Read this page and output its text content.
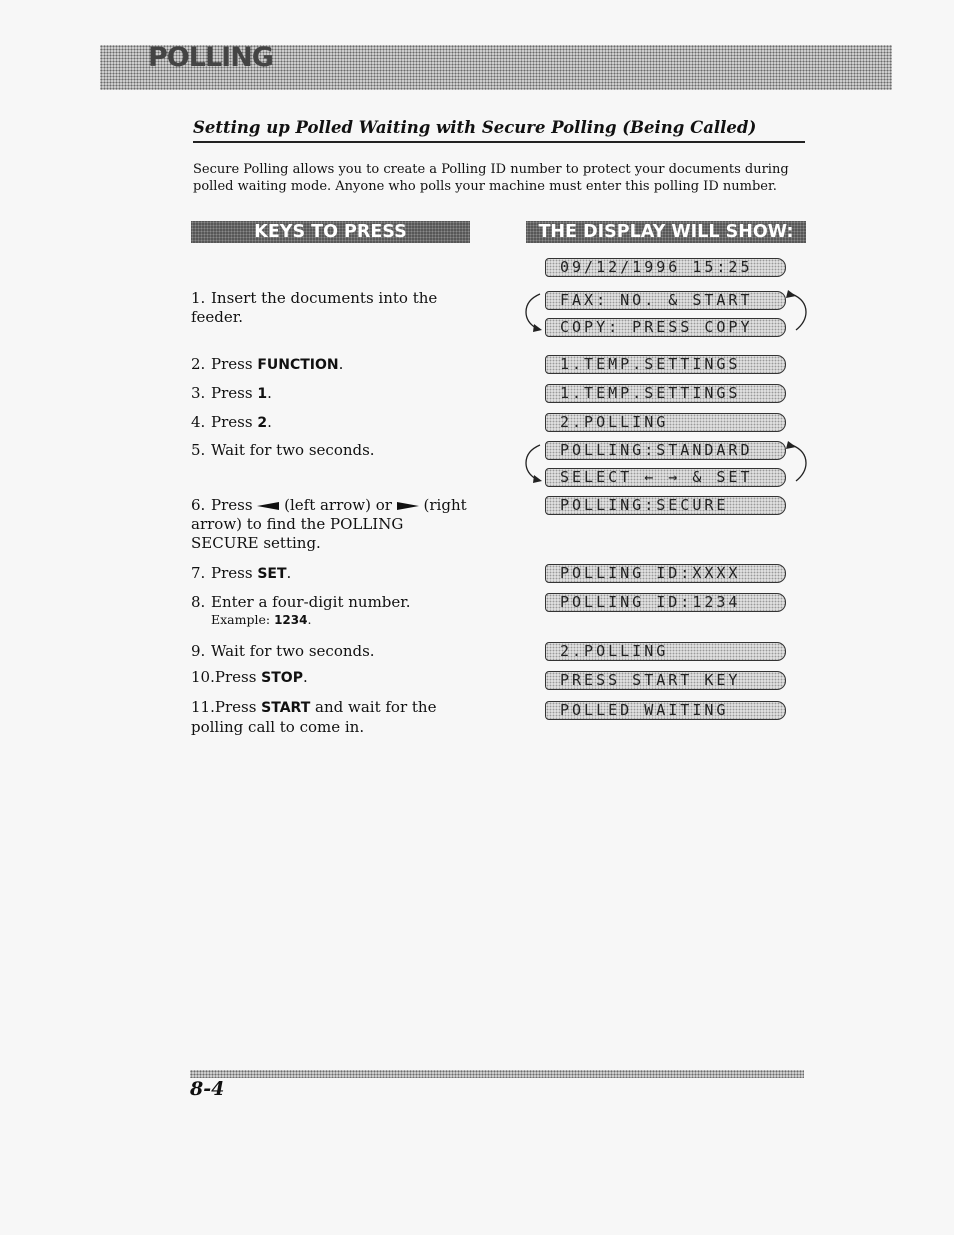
POLLING
Setting up Polled Waiting with Secure Polling (Being Called)
Secure Polling allows you to create a Polling ID number to protect your documents during polled waiting mode. Anyone who polls your machine must enter this polling ID number.
KEYS TO PRESS	THE DISPLAY WILL SHOW:
1. Insert the documents into the feeder.
2. Press FUNCTION.
3. Press 1.
4. Press 2.
5. Wait for two seconds.
6. Press (left arrow) or (right arrow) to find the POLLING SECURE setting.
7. Press SET.
8. Enter a four-digit number.
Example: 1234.
9. Wait for two seconds.
10.Press STOP.
11.Press START and wait for the polling call to come in.
09/12/1996 15:25
FAX: NO. & START
COPY: PRESS COPY
1.TEMP.SETTINGS
1.TEMP.SETTINGS
2.POLLING
POLLING:STANDARD
SELECT ← → & SET
POLLING:SECURE
POLLING ID:XXXX
POLLING ID:1234
2.POLLING
PRESS START KEY
POLLED WAITING
8-4
